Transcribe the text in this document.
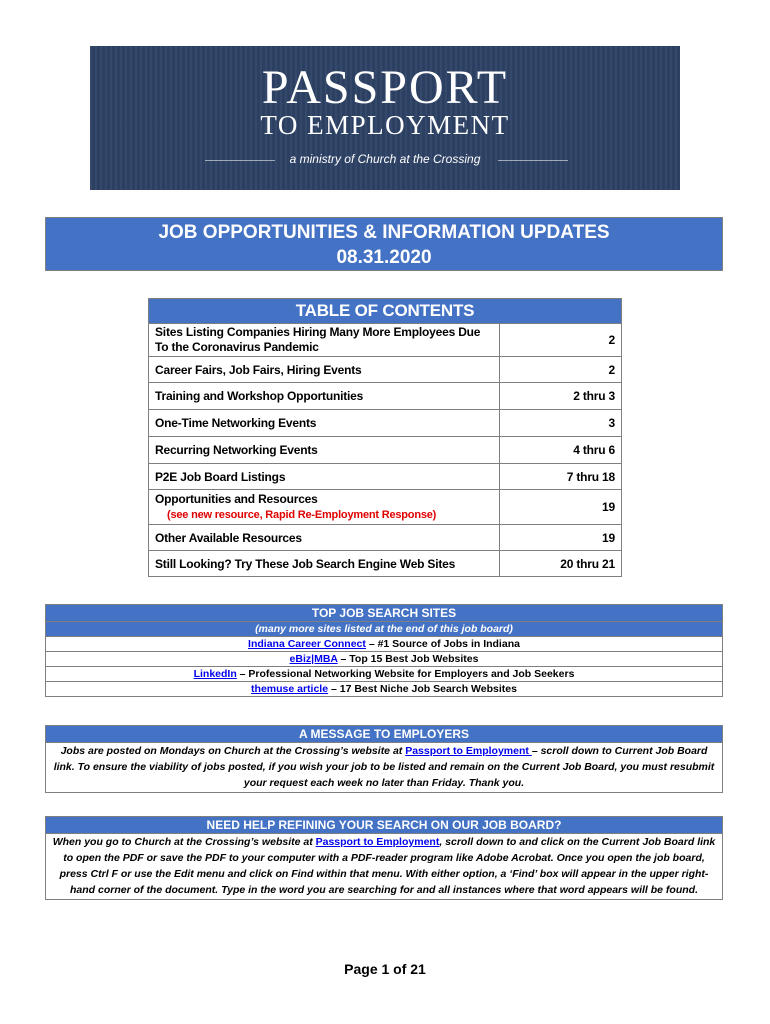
PASSPORT
TO EMPLOYMENT
a ministry of Church at the Crossing
JOB OPPORTUNITIES & INFORMATION UPDATES
08.31.2020
TABLE OF CONTENTS	
Sites Listing Companies Hiring Many More Employees Due To the Coronavirus Pandemic	2
Career Fairs, Job Fairs, Hiring Events	2
Training and Workshop Opportunities	2 thru 3
One-Time Networking Events	3
Recurring Networking Events	4 thru 6
P2E Job Board Listings	7 thru 18

Opportunities and Resources
(see new resource, Rapid Re-Employment Response)	19
Other Available Resources	19
Still Looking? Try These Job Search Engine Web Sites	20 thru 21
TOP JOB SEARCH SITES
(many more sites listed at the end of this job board)
Indiana Career Connect – #1 Source of Jobs in Indiana
eBiz|MBA – Top 15 Best Job Websites
LinkedIn – Professional Networking Website for Employers and Job Seekers
themuse article – 17 Best Niche Job Search Websites
A MESSAGE TO EMPLOYERS
Jobs are posted on Mondays on Church at the Crossing’s website at Passport to Employment – scroll down to Current Job Board link. To ensure the viability of jobs posted, if you wish your job to be listed and remain on the Current Job Board, you must resubmit your request each week no later than Friday. Thank you.
NEED HELP REFINING YOUR SEARCH ON OUR JOB BOARD?
When you go to Church at the Crossing’s website at Passport to Employment, scroll down to and click on the Current Job Board link to open the PDF or save the PDF to your computer with a PDF-reader program like Adobe Acrobat. Once you open the job board, press Ctrl F or use the Edit menu and click on Find within that menu. With either option, a ‘Find’ box will appear in the upper right-hand corner of the document. Type in the word you are searching for and all instances where that word appears will be found.
Page 1 of 21
